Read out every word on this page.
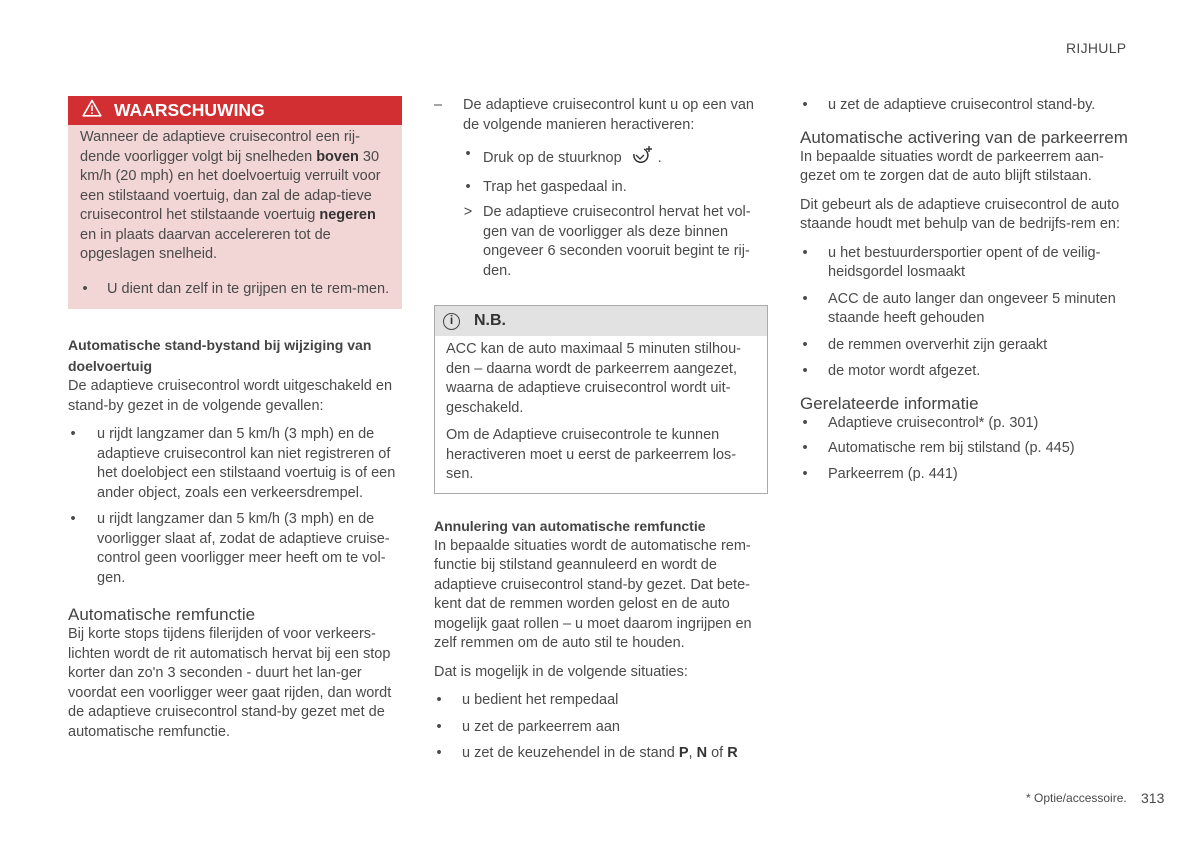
RIJHULP
WAARSCHUWING

Wanneer de adaptieve cruisecontrol een rij-dende voorligger volgt bij snelheden boven 30 km/h (20 mph) en het doelvoertuig verruilt voor een stilstaand voertuig, dan zal de adap-tieve cruisecontrol het stilstaande voertuig negeren en in plaats daarvan accelereren tot de opgeslagen snelheid.

• U dient dan zelf in te grijpen en te rem-men.

Automatische stand-bystand bij wijziging van doelvoertuig

De adaptieve cruisecontrol wordt uitgeschakeld en stand-by gezet in de volgende gevallen:

• u rijdt langzamer dan 5 km/h (3 mph) en de adaptieve cruisecontrol kan niet registreren of het doelobject een stilstaand voertuig is of een ander object, zoals een verkeersdrempel.
• u rijdt langzamer dan 5 km/h (3 mph) en de voorligger slaat af, zodat de adaptieve cruise-control geen voorligger meer heeft om te vol-gen.

Automatische remfunctie

Bij korte stops tijdens filerijden of voor verkeers-lichten wordt de rit automatisch hervat bij een stop korter dan zo'n 3 seconden - duurt het lan-ger voordat een voorligger weer gaat rijden, dan wordt de adaptieve cruisecontrol stand-by gezet met de automatische remfunctie.

– De adaptieve cruisecontrol kunt u op een van de volgende manieren heractiveren:
• Druk op de stuurknop .
• Trap het gaspedaal in.
> De adaptieve cruisecontrol hervat het vol-gen van de voorligger als deze binnen ongeveer 6 seconden vooruit begint te rij-den.
i	N.B.

ACC kan de auto maximaal 5 minuten stilhou-den – daarna wordt de parkeerrem aangezet, waarna de adaptieve cruisecontrol wordt uit-geschakeld.

Om de Adaptieve cruisecontrole te kunnen heractiveren moet u eerst de parkeerrem los-sen.

Annulering van automatische remfunctie

In bepaalde situaties wordt de automatische rem-functie bij stilstand geannuleerd en wordt de adaptieve cruisecontrol stand-by gezet. Dat bete-kent dat de remmen worden gelost en de auto mogelijk gaat rollen – u moet daarom ingrijpen en zelf remmen om de auto stil te houden.

Dat is mogelijk in de volgende situaties:

• u bedient het rempedaal
• u zet de parkeerrem aan
• u zet de keuzehendel in de stand P, N of R
• u zet de adaptieve cruisecontrol stand-by.

Automatische activering van de parkeerrem

In bepaalde situaties wordt de parkeerrem aan-gezet om te zorgen dat de auto blijft stilstaan.

Dit gebeurt als de adaptieve cruisecontrol de auto staande houdt met behulp van de bedrijfs-rem en:

• u het bestuurdersportier opent of de veilig-heidsgordel losmaakt
• ACC de auto langer dan ongeveer 5 minuten staande heeft gehouden
• de remmen oververhit zijn geraakt
• de motor wordt afgezet.

Gerelateerde informatie

• Adaptieve cruisecontrol* (p. 301)
• Automatische rem bij stilstand (p. 445)
• Parkeerrem (p. 441)
* Optie/accessoire. 313
